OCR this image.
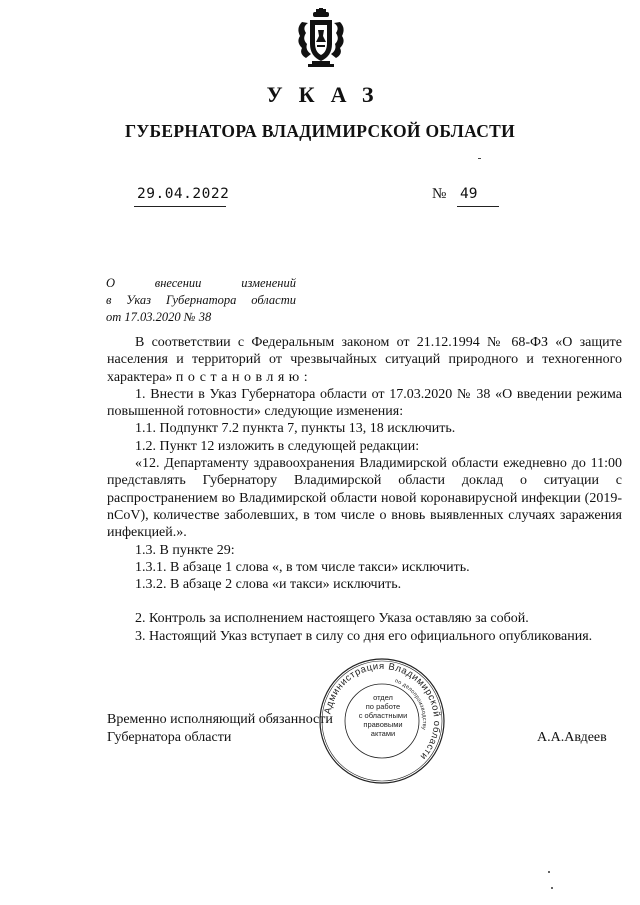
УКАЗ
ГУБЕРНАТОРА ВЛАДИМИРСКОЙ ОБЛАСТИ
29.04.2022	№ 49
О внесении изменений
в Указ Губернатора области
от 17.03.2020 № 38

В соответствии с Федеральным законом от 21.12.1994 № 68-ФЗ «О защите населения и территорий от чрезвычайных ситуаций природного и техногенного характера» постановляю:

1. Внести в Указ Губернатора области от 17.03.2020 № 38 «О введении режима повышенной готовности» следующие изменения:

1.1. Подпункт 7.2 пункта 7, пункты 13, 18 исключить.

1.2. Пункт 12 изложить в следующей редакции:

«12. Департаменту здравоохранения Владимирской области ежедневно до 11:00 представлять Губернатору Владимирской области доклад о ситуации с распространением во Владимирской области новой коронавирусной инфекции (2019-nCoV), количестве заболевших, в том числе о вновь выявленных случаях заражения инфекцией.».

1.3. В пункте 29:

1.3.1. В абзаце 1 слова «, в том числе такси» исключить.

1.3.2. В абзаце 2 слова «и такси» исключить.

2. Контроль за исполнением настоящего Указа оставляю за собой.

3. Настоящий Указ вступает в силу со дня его официального опубликования.

Администрация Владимирской области
по делопроизводству
отдел
по работе
с областными
правовыми
актами
Временно исполняющий обязанности
Губернатора области	А.А.Авдеев
